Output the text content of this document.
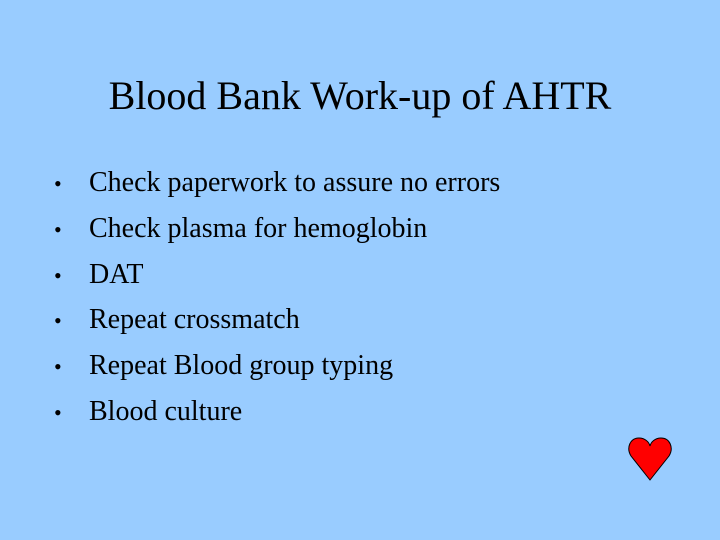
Blood Bank Work-up of AHTR
• Check paperwork to assure no errors
• Check plasma for hemoglobin
• DAT
• Repeat crossmatch
• Repeat Blood group typing
• Blood culture
